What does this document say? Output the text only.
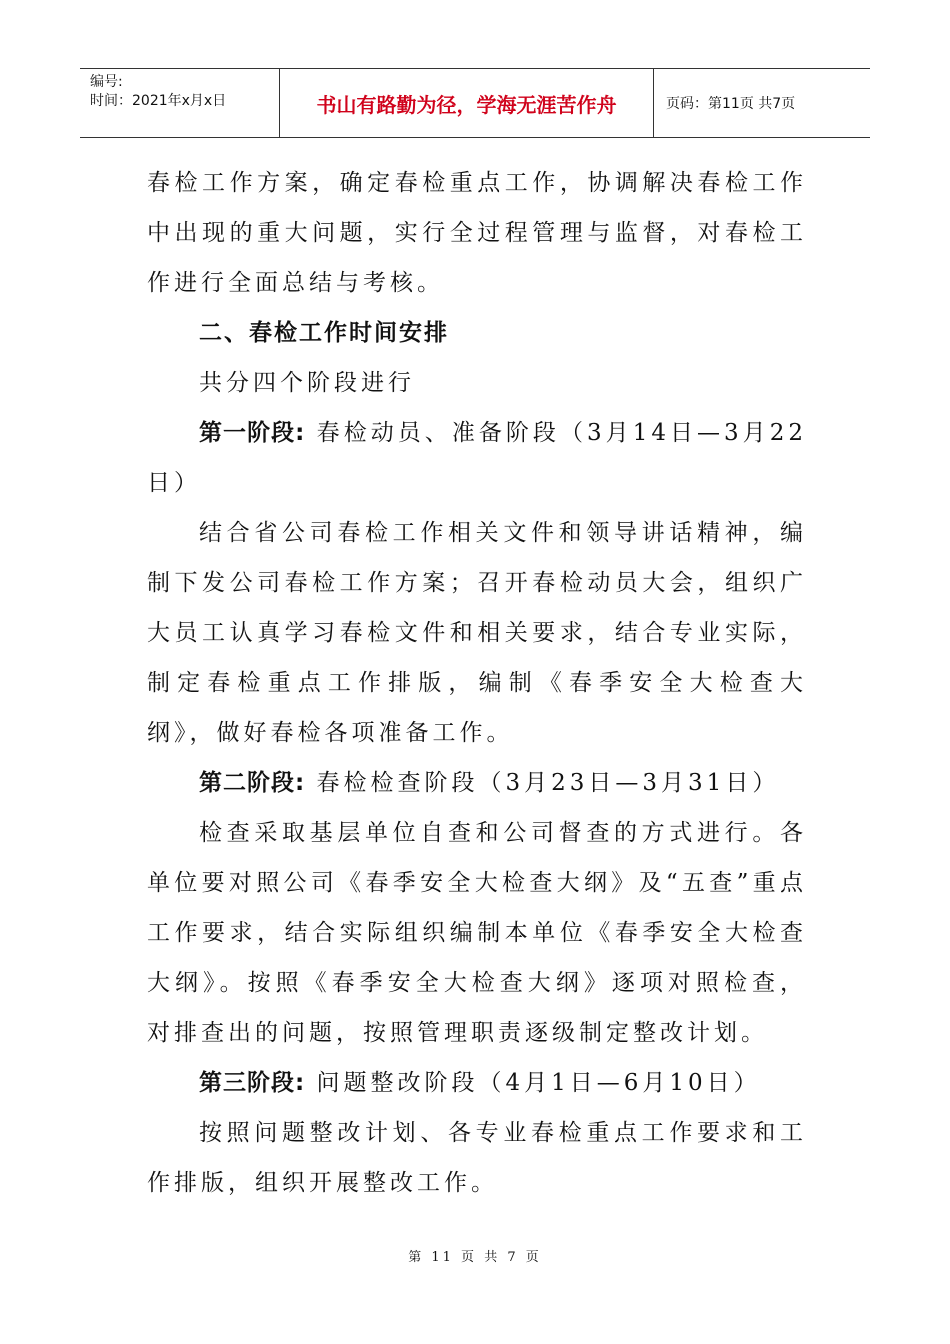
编号:
时间：2021年x月x日	书山有路勤为径，学海无涯苦作舟	页码：第11页 共7页

春检工作方案，确定春检重点工作，协调解决春检工作中出现的重大问题，实行全过程管理与监督，对春检工作进行全面总结与考核。

二、春检工作时间安排

共分四个阶段进行

第一阶段: 春检动员、准备阶段（3月14日—3月22日）

结合省公司春检工作相关文件和领导讲话精神，编制下发公司春检工作方案；召开春检动员大会，组织广大员工认真学习春检文件和相关要求，结合专业实际，制定春检重点工作排版，编制《春季安全大检查大纲》，做好春检各项准备工作。

第二阶段: 春检检查阶段（3月23日—3月31日）

检查采取基层单位自查和公司督查的方式进行。各单位要对照公司《春季安全大检查大纲》及“五查”重点工作要求，结合实际组织编制本单位《春季安全大检查大纲》。按照《春季安全大检查大纲》逐项对照检查，对排查出的问题，按照管理职责逐级制定整改计划。

第三阶段: 问题整改阶段（4月1日—6月10日）

按照问题整改计划、各专业春检重点工作要求和工作排版，组织开展整改工作。

第 11 页 共 7 页
